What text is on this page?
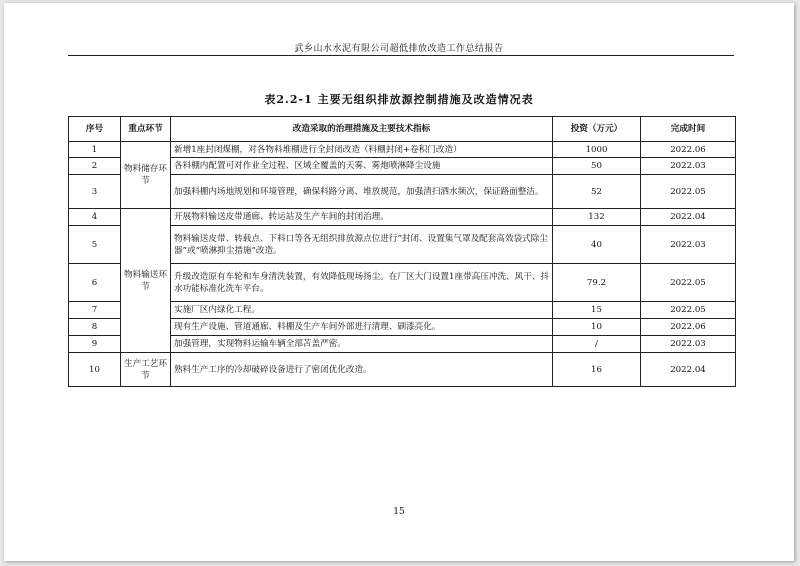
武乡山水水泥有限公司超低排放改造工作总结报告
表2.2-1 主要无组织排放源控制措施及改造情况表
序号	重点环节	改造采取的治理措施及主要技术指标	投资（万元）	完成时间
1	物料储存环节	新增1座封闭煤棚，对各物料堆棚进行全封闭改造（料棚封闭+卷积门改造）	1000	2022.06
2		各料棚内配置可对作业全过程、区域全覆盖的天雾、雾炮喷淋降尘设施	50	2022.03
3		加强料棚内场地规划和环境管理，确保料路分离、堆放规范，加强清扫洒水频次，保证路面整洁。	52	2022.05
4	物料输送环节	开展物料输送皮带通廊、转运站及生产车间的封闭治理。	132	2022.04
5		物料输送皮带、转载点、下料口等各无组织排放源点位进行“封闭、设置集气罩及配套高效袋式除尘器”或“喷淋抑尘措施”改造。	40	2022.03
6		升级改造原有车轮和车身清洗装置，有效降低现场扬尘。在厂区大门设置1座带高压冲洗、风干、抖水功能标准化洗车平台。	79.2	2022.05
7		实施厂区内绿化工程。	15	2022.05
8		现有生产设施、管道通廊、料棚及生产车间外部进行清理、刷漆亮化。	10	2022.06
9		加强管理，实现物料运输车辆全部苫盖严密。	/	2022.03
10	生产工艺环节	熟料生产工序的冷却破碎设备进行了密闭优化改造。	16	2022.04
15
